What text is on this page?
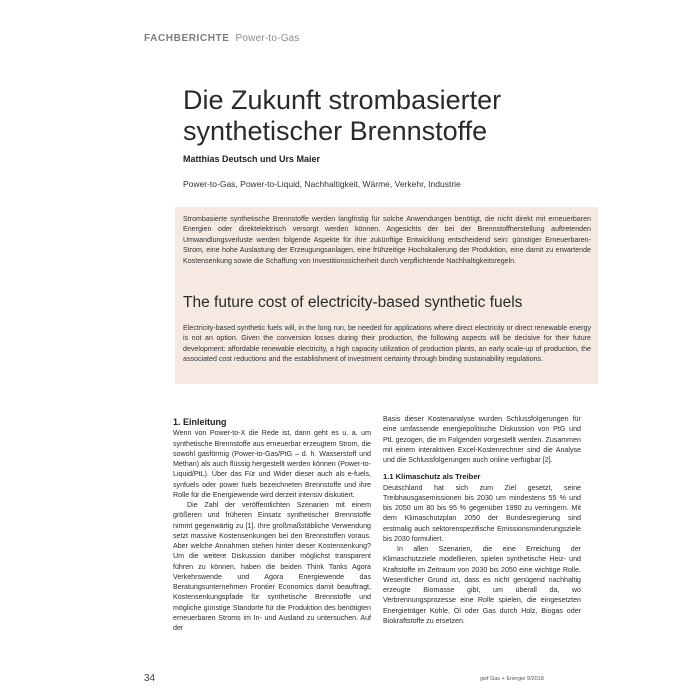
FACHBERICHTE Power-to-Gas
Die Zukunft strombasierter
synthetischer Brennstoffe
Matthias Deutsch und Urs Maier
Power-to-Gas, Power-to-Liquid, Nachhaltigkeit, Wärme, Verkehr, Industrie

Strombasierte synthetische Brennstoffe werden langfristig für solche Anwendungen benötigt, die nicht direkt mit erneuerbaren Energien oder direktelektrisch versorgt werden können. Angesichts der bei der Brennstoffherstellung auftretenden Umwandlungsverluste werden folgende Aspekte für ihre zukünftige Entwicklung entscheidend sein: günstiger Erneuerbaren-Strom, eine hohe Auslastung der Erzeugungsanlagen, eine frühzeitige Hochskalierung der Produktion, eine damit zu erwartende Kostensenkung sowie die Schaffung von Investitionssicherheit durch verpflichtende Nachhaltigkeitsregeln.

The future cost of electricity-based synthetic fuels

Electricity-based synthetic fuels will, in the long run, be needed for applications where direct electricity or direct renewable energy is not an option. Given the conversion losses during their production, the following aspects will be decisive for their future development: affordable renewable electricity, a high capacity utilization of production plants, an early scale-up of production, the associated cost reductions and the establishment of investment certainty through binding sustainability regulations.

1. Einleitung

Wenn von Power-to-X die Rede ist, dann geht es u. a. um synthetische Brennstoffe aus erneuerbar erzeugtem Strom, die sowohl gasförmig (Power-to-Gas/PtG – d. h. Wasserstoff und Methan) als auch flüssig hergestellt werden können (Power-to-Liquid/PtL). Über das Für und Wider dieser auch als e-fuels, synfuels oder power fuels bezeichneten Brennstoffe und ihre Rolle für die Energiewende wird derzeit intensiv diskutiert.

Die Zahl der veröffentlichten Szenarien mit einem größeren und früheren Einsatz synthetischer Brennstoffe nimmt gegenwärtig zu [1]. Ihre großmaßstäbliche Verwendung setzt massive Kostensenkungen bei den Brennstoffen voraus. Aber welche Annahmen stehen hinter dieser Kostensenkung? Um die weitere Diskussion darüber möglichst transparent führen zu können, haben die beiden Think Tanks Agora Verkehrswende und Agora Energiewende das Beratungsunternehmen Frontier Economics damit beauftragt, Kostensenkungspfade für synthetische Brennstoffe und mögliche günstige Standorte für die Produktion des benötigten erneuerbaren Stroms im In- und Ausland zu untersuchen. Auf der

Basis dieser Kostenanalyse wurden Schlussfolgerungen für eine umfassende energiepolitische Diskussion von PtG und PtL gezogen, die im Folgenden vorgestellt werden. Zusammen mit einem interaktiven Excel-Kostenrechner sind die Analyse und die Schlussfolgerungen auch online verfügbar [2].

1.1 Klimaschutz als Treiber

Deutschland hat sich zum Ziel gesetzt, seine Treibhausgasemissionen bis 2030 um mindestens 55 % und bis 2050 um 80 bis 95 % gegenüber 1990 zu verringern. Mit dem Klimaschutzplan 2050 der Bundesregierung sind erstmalig auch sektorenspezifische Emissionsminderungsziele bis 2030 formuliert.

In allen Szenarien, die eine Erreichung der Klimaschutzziele modellieren, spielen synthetische Heiz- und Kraftstoffe im Zeitraum von 2030 bis 2050 eine wichtige Rolle. Wesentlicher Grund ist, dass es nicht genügend nachhaltig erzeugte Biomasse gibt, um überall da, wo Verbrennungsprozesse eine Rolle spielen, die eingesetzten Energieträger Kohle, Öl oder Gas durch Holz, Biogas oder Biokraftstoffe zu ersetzen.

34	gwf Gas + Energie 9/2018
